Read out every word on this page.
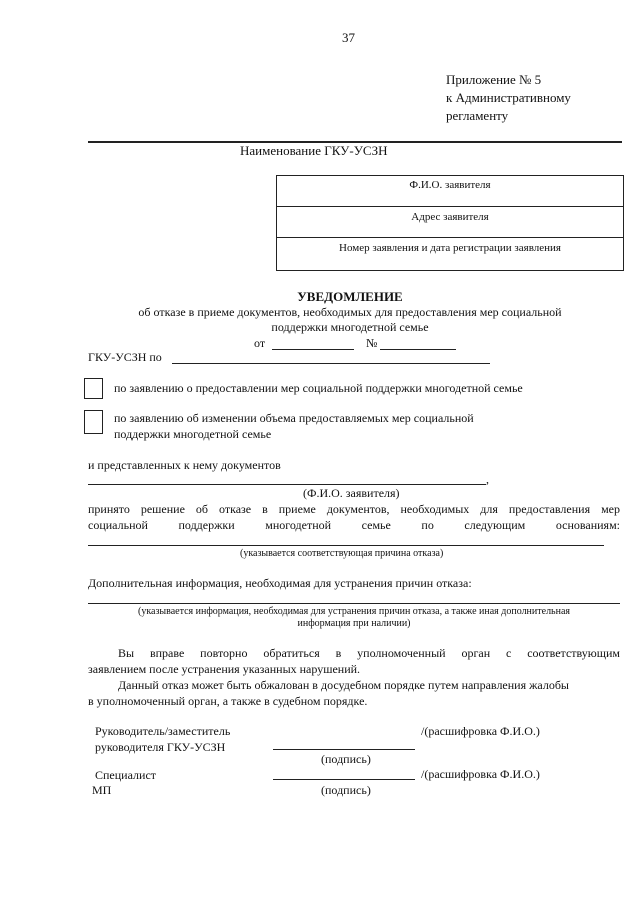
37
Приложение № 5
к Административному
регламенту
Наименование ГКУ-УСЗН
Ф.И.О. заявителя
Адрес заявителя
Номер заявления и дата регистрации заявления
УВЕДОМЛЕНИЕ
об отказе в приеме документов, необходимых для предоставления мер социальной
поддержки многодетной семье
от	№
ГКУ-УСЗН по
по заявлению о предоставлении мер социальной поддержки многодетной семье
по заявлению об изменении объема предоставляемых мер социальной
поддержки многодетной семье
и представленных к нему документов
,
(Ф.И.О. заявителя)
принято решение об отказе в приеме документов, необходимых для предоставления мер
социальной поддержки многодетной семье по следующим основаниям:
(указывается соответствующая причина отказа)
Дополнительная информация, необходимая для устранения причин отказа:
(указывается информация, необходимая для устранения причин отказа, а также иная дополнительная
информация при наличии)
Вы вправе повторно обратиться в уполномоченный орган с соответствующим
заявлением после устранения указанных нарушений.
Данный отказ может быть обжалован в досудебном порядке путем направления жалобы
в уполномоченный орган, а также в судебном порядке.
Руководитель/заместитель
руководителя ГКУ-УСЗН
/(расшифровка Ф.И.О.)
(подпись)
Специалист	/(расшифровка Ф.И.О.)
МП	(подпись)
